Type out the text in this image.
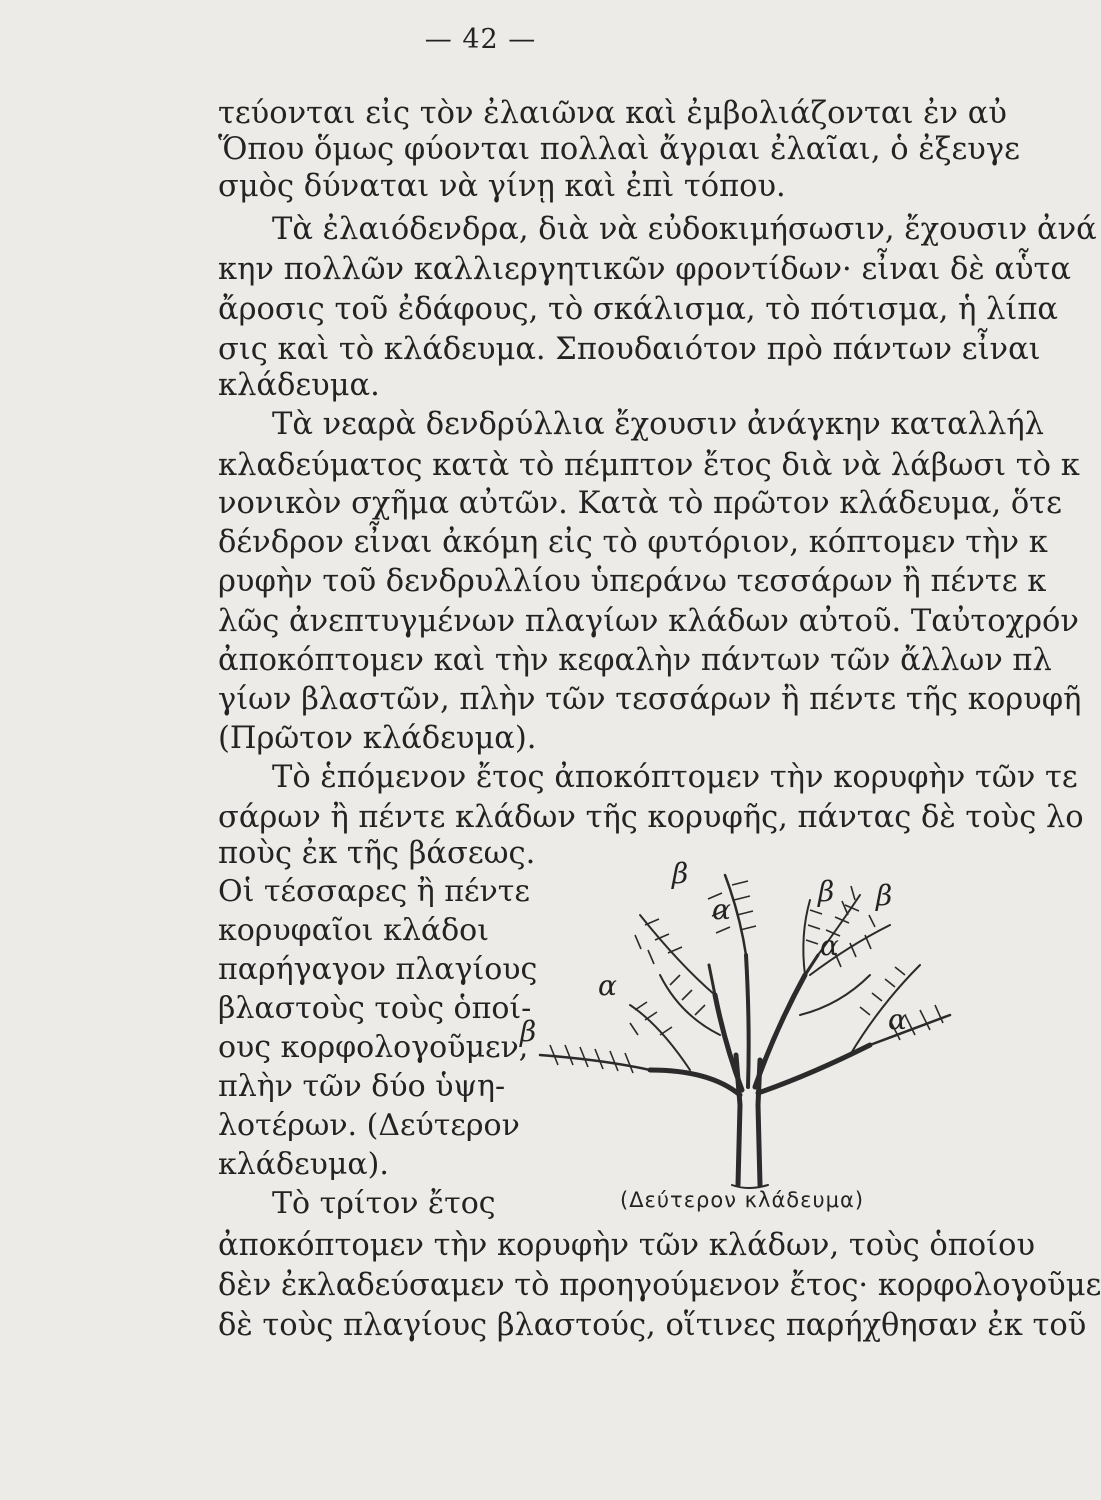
— 42 —
τεύονται εἰς τὸν ἐλαιῶνα καὶ ἐμβολιάζονται ἐν αὐ
Ὅπου ὅμως φύονται πολλαὶ ἄγριαι ἐλαῖαι, ὁ ἐξευγε
σμὸς δύναται νὰ γίνῃ καὶ ἐπὶ τόπου.
Τὰ ἐλαιόδενδρα, διὰ νὰ εὐδοκιμήσωσιν, ἔχουσιν ἀνά
κην πολλῶν καλλιεργητικῶν φροντίδων· εἶναι δὲ αὗτα
ἄροσις τοῦ ἐδάφους, τὸ σκάλισμα, τὸ πότισμα, ἡ λίπα
σις καὶ τὸ κλάδευμα. Σπουδαιότον πρὸ πάντων εἶναι
κλάδευμα.
Τὰ νεαρὰ δενδρύλλια ἔχουσιν ἀνάγκην καταλλήλ
κλαδεύματος κατὰ τὸ πέμπτον ἔτος διὰ νὰ λάβωσι τὸ κ
νονικὸν σχῆμα αὐτῶν. Κατὰ τὸ πρῶτον κλάδευμα, ὅτε
δένδρον εἶναι ἀκόμη εἰς τὸ φυτόριον, κόπτομεν τὴν κ
ρυφὴν τοῦ δενδρυλλίου ὑπεράνω τεσσάρων ἢ πέντε κ
λῶς ἀνεπτυγμένων πλαγίων κλάδων αὐτοῦ. Ταὐτοχρόν
ἀποκόπτομεν καὶ τὴν κεφαλὴν πάντων τῶν ἄλλων πλ
γίων βλαστῶν, πλὴν τῶν τεσσάρων ἢ πέντε τῆς κορυφῆ
(Πρῶτον κλάδευμα).
Τὸ ἑπόμενον ἔτος ἀποκόπτομεν τὴν κορυφὴν τῶν τε
σάρων ἢ πέντε κλάδων τῆς κορυφῆς, πάντας δὲ τοὺς λο
ποὺς ἐκ τῆς βάσεως.
Οἱ τέσσαρες ἢ πέντε
κορυφαῖοι κλάδοι
παρήγαγον πλαγίους
βλαστοὺς τοὺς ὁποί-
ους κορφολογοῦμεν,
πλὴν τῶν δύο ὑψη-
λοτέρων. (Δεύτερον
κλάδευμα).
Τὸ τρίτον ἔτος
ἀποκόπτομεν τὴν κορυφὴν τῶν κλάδων, τοὺς ὁποίου
δὲν ἐκλαδεύσαμεν τὸ προηγούμενον ἔτος· κορφολογοῦμε
δὲ τοὺς πλαγίους βλαστούς, οἵτινες παρήχθησαν ἐκ τοῦ
β
α
β β
α
α
α
β
(Δεύτερον κλάδευμα)
